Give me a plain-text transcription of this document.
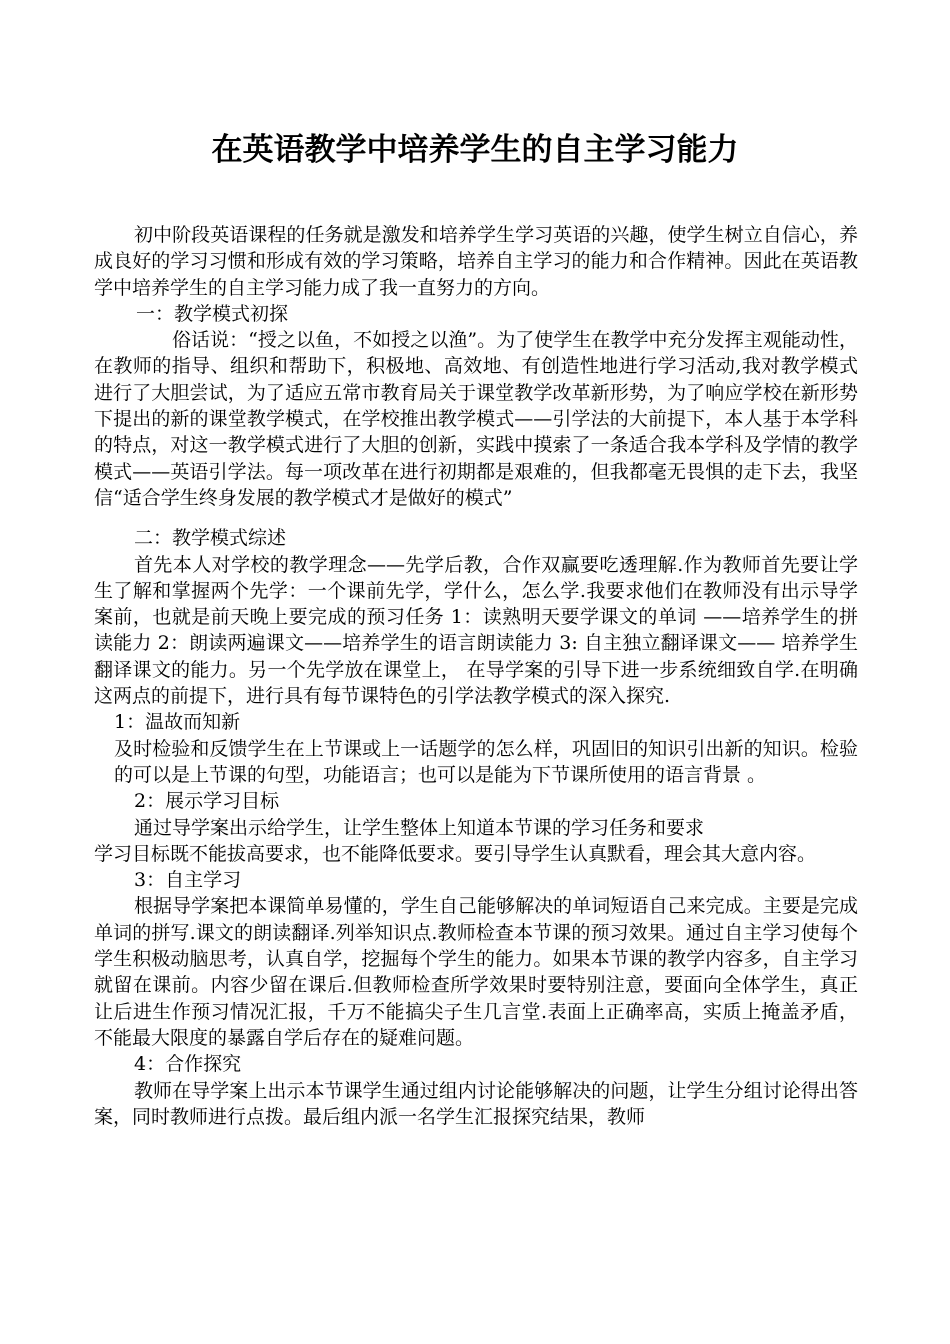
在英语教学中培养学生的自主学习能力

初中阶段英语课程的任务就是激发和培养学生学习英语的兴趣，使学生树立自信心，养成良好的学习习惯和形成有效的学习策略，培养自主学习的能力和合作精神。因此在英语教学中培养学生的自主学习能力成了我一直努力的方向。

一：教学模式初探

俗话说：“授之以鱼，不如授之以渔”。为了使学生在教学中充分发挥主观能动性，在教师的指导、组织和帮助下，积极地、高效地、有创造性地进行学习活动,我对教学模式进行了大胆尝试，为了适应五常市教育局关于课堂教学改革新形势，为了响应学校在新形势下提出的新的课堂教学模式，在学校推出教学模式——引学法的大前提下，本人基于本学科的特点，对这一教学模式进行了大胆的创新，实践中摸索了一条适合我本学科及学情的教学模式——英语引学法。每一项改革在进行初期都是艰难的，但我都毫无畏惧的走下去，我坚信“适合学生终身发展的教学模式才是做好的模式”

二：教学模式综述

首先本人对学校的教学理念——先学后教，合作双赢要吃透理解.作为教师首先要让学生了解和掌握两个先学：一个课前先学，学什么，怎么学.我要求他们在教师没有出示导学案前，也就是前天晚上要完成的预习任务 1：读熟明天要学课文的单词 ——培养学生的拼读能力 2：朗读两遍课文——培养学生的语言朗读能力 3: 自主独立翻译课文—— 培养学生翻译课文的能力。另一个先学放在课堂上， 在导学案的引导下进一步系统细致自学.在明确这两点的前提下，进行具有每节课特色的引学法教学模式的深入探究.

1：温故而知新

及时检验和反馈学生在上节课或上一话题学的怎么样，巩固旧的知识引出新的知识。检验的可以是上节课的句型，功能语言；也可以是能为下节课所使用的语言背景 。

2：展示学习目标

通过导学案出示给学生，让学生整体上知道本节课的学习任务和要求

学习目标既不能拔高要求，也不能降低要求。要引导学生认真默看，理会其大意内容。

3：自主学习

根据导学案把本课简单易懂的，学生自己能够解决的单词短语自己来完成。主要是完成单词的拼写.课文的朗读翻译.列举知识点.教师检查本节课的预习效果。通过自主学习使每个学生积极动脑思考，认真自学，挖掘每个学生的能力。如果本节课的教学内容多，自主学习就留在课前。内容少留在课后.但教师检查所学效果时要特别注意，要面向全体学生，真正让后进生作预习情况汇报，千万不能搞尖子生几言堂.表面上正确率高，实质上掩盖矛盾，不能最大限度的暴露自学后存在的疑难问题。

4：合作探究

教师在导学案上出示本节课学生通过组内讨论能够解决的问题，让学生分组讨论得出答案，同时教师进行点拨。最后组内派一名学生汇报探究结果，教师
